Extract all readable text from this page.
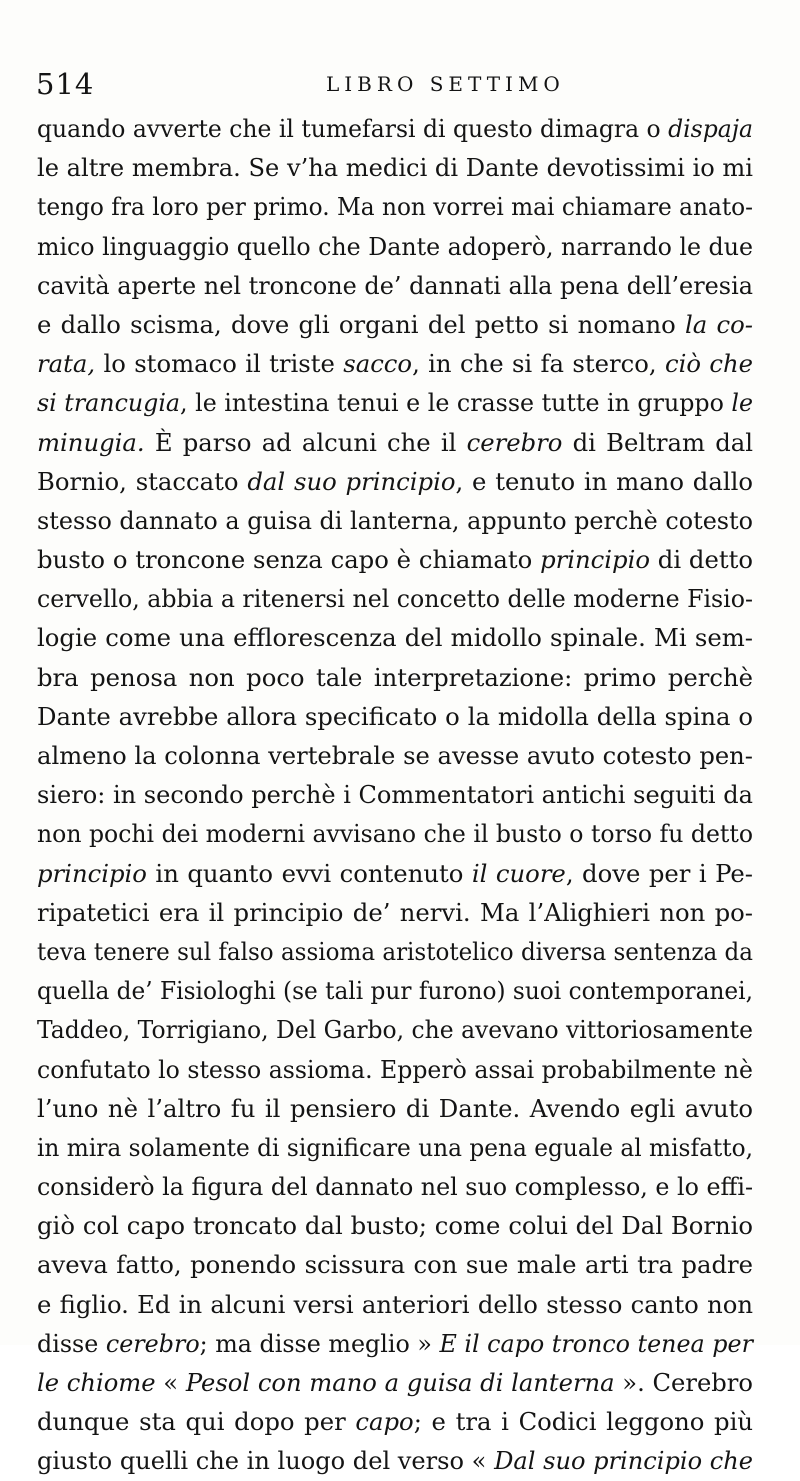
514	LIBRO SETTIMO
quando avverte che il tumefarsi di questo dimagra o dispaja
le altre membra. Se v’ha medici di Dante devotissimi io mi
tengo fra loro per primo. Ma non vorrei mai chiamare anato-
mico linguaggio quello che Dante adoperò, narrando le due
cavità aperte nel troncone de’ dannati alla pena dell’eresia
e dallo scisma, dove gli organi del petto si nomano la co-
rata, lo stomaco il triste sacco, in che si fa sterco, ciò che
si trancugia, le intestina tenui e le crasse tutte in gruppo le
minugia. È parso ad alcuni che il cerebro di Beltram dal
Bornio, staccato dal suo principio, e tenuto in mano dallo
stesso dannato a guisa di lanterna, appunto perchè cotesto
busto o troncone senza capo è chiamato principio di detto
cervello, abbia a ritenersi nel concetto delle moderne Fisio-
logie come una efflorescenza del midollo spinale. Mi sem-
bra penosa non poco tale interpretazione: primo perchè
Dante avrebbe allora specificato o la midolla della spina o
almeno la colonna vertebrale se avesse avuto cotesto pen-
siero: in secondo perchè i Commentatori antichi seguiti da
non pochi dei moderni avvisano che il busto o torso fu detto
principio in quanto evvi contenuto il cuore, dove per i Pe-
ripatetici era il principio de’ nervi. Ma l’Alighieri non po-
teva tenere sul falso assioma aristotelico diversa sentenza da
quella de’ Fisiologhi (se tali pur furono) suoi contemporanei,
Taddeo, Torrigiano, Del Garbo, che avevano vittoriosamente
confutato lo stesso assioma. Epperò assai probabilmente nè
l’uno nè l’altro fu il pensiero di Dante. Avendo egli avuto
in mira solamente di significare una pena eguale al misfatto,
considerò la figura del dannato nel suo complesso, e lo effi-
giò col capo troncato dal busto; come colui del Dal Bornio
aveva fatto, ponendo scissura con sue male arti tra padre
e figlio. Ed in alcuni versi anteriori dello stesso canto non
disse cerebro; ma disse meglio » E il capo tronco tenea per
le chiome « Pesol con mano a guisa di lanterna ». Cerebro
dunque sta qui dopo per capo; e tra i Codici leggono più
giusto quelli che in luogo del verso « Dal suo principio che
